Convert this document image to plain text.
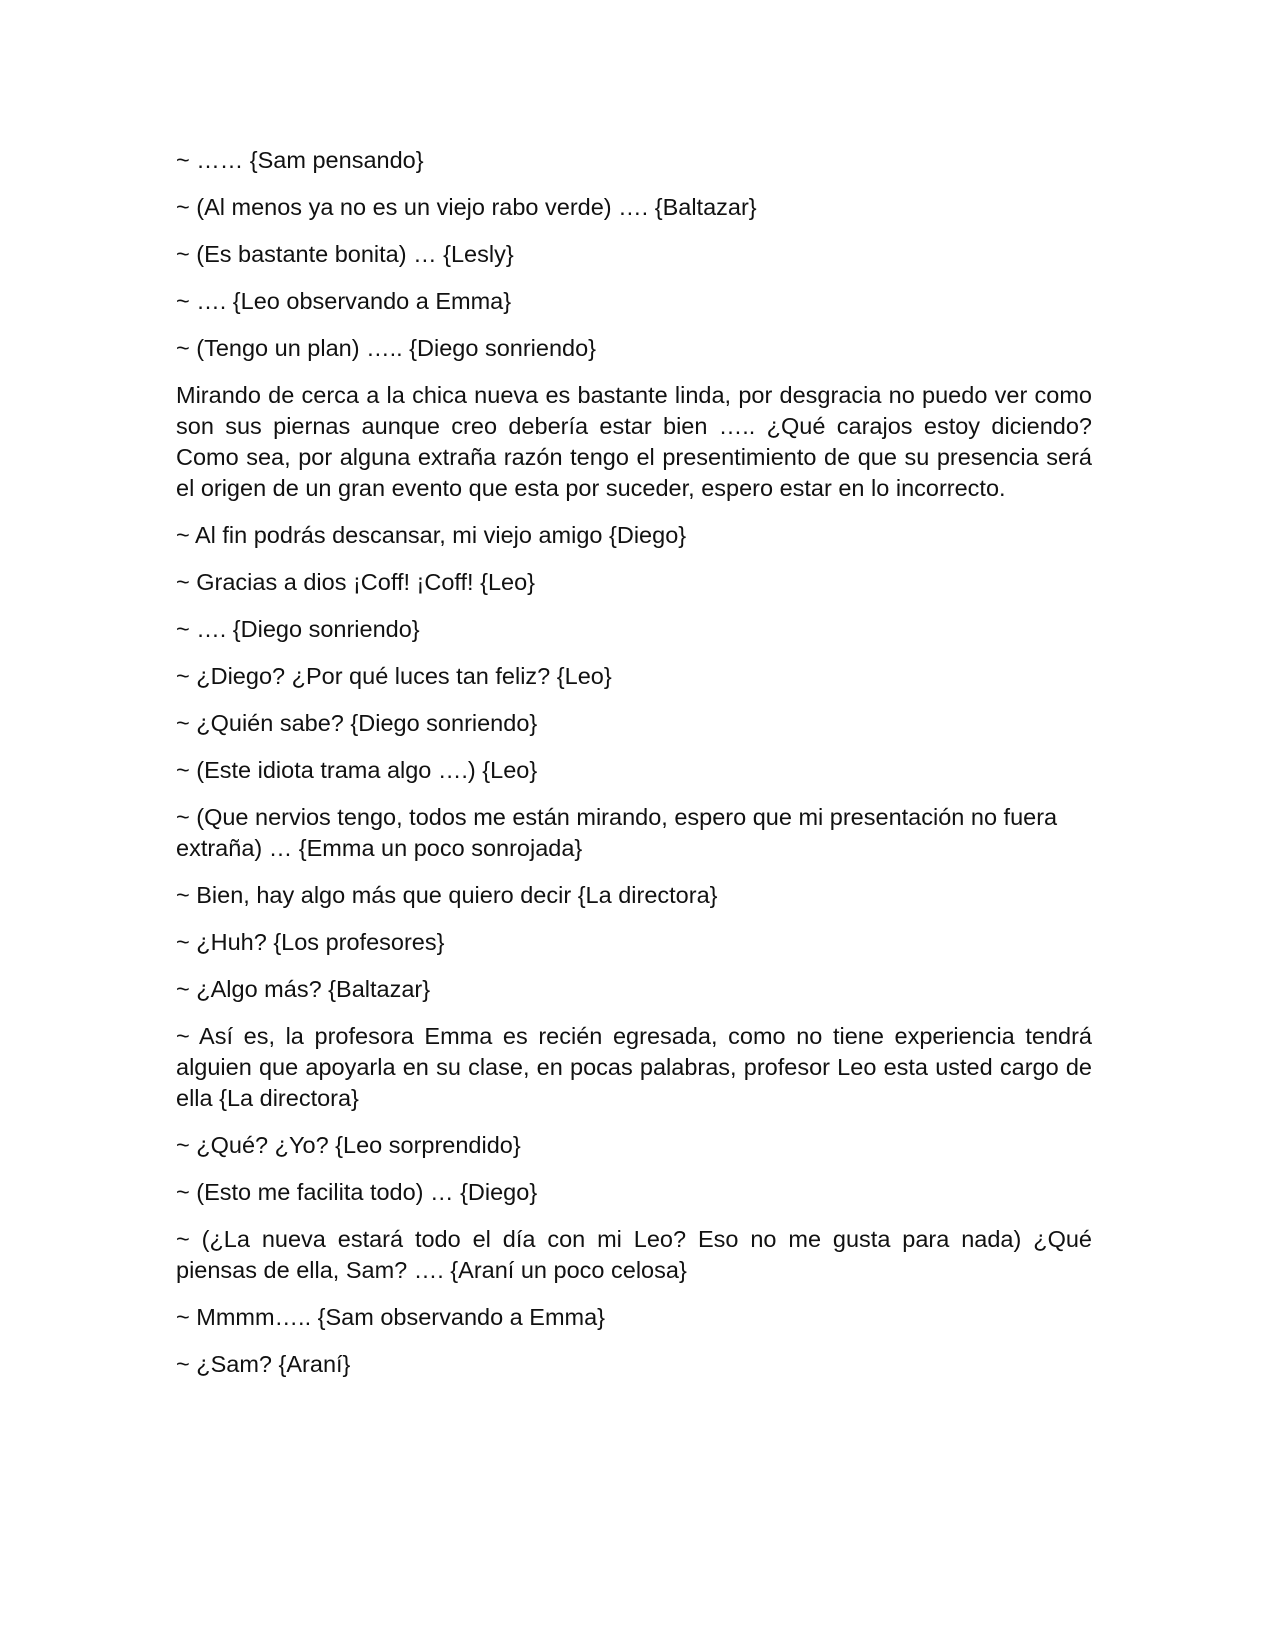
~ …… {Sam pensando}
~ (Al menos ya no es un viejo rabo verde) …. {Baltazar}
~ (Es bastante bonita) … {Lesly}
~ …. {Leo observando a Emma}
~ (Tengo un plan) ….. {Diego sonriendo}
Mirando de cerca a la chica nueva es bastante linda, por desgracia no puedo ver como son sus piernas aunque creo debería estar bien ….. ¿Qué carajos estoy diciendo? Como sea, por alguna extraña razón tengo el presentimiento de que su presencia será el origen de un gran evento que esta por suceder, espero estar en lo incorrecto.
~ Al fin podrás descansar, mi viejo amigo {Diego}
~ Gracias a dios ¡Coff! ¡Coff! {Leo}
~ …. {Diego sonriendo}
~ ¿Diego? ¿Por qué luces tan feliz? {Leo}
~ ¿Quién sabe? {Diego sonriendo}
~ (Este idiota trama algo ….) {Leo}
~ (Que nervios tengo, todos me están mirando, espero que mi presentación no fuera extraña) … {Emma un poco sonrojada}
~ Bien, hay algo más que quiero decir {La directora}
~ ¿Huh? {Los profesores}
~ ¿Algo más? {Baltazar}
~ Así es, la profesora Emma es recién egresada, como no tiene experiencia tendrá alguien que apoyarla en su clase, en pocas palabras, profesor Leo esta usted cargo de ella {La directora}
~ ¿Qué? ¿Yo? {Leo sorprendido}
~ (Esto me facilita todo) … {Diego}
~ (¿La nueva estará todo el día con mi Leo? Eso no me gusta para nada) ¿Qué piensas de ella, Sam? …. {Araní un poco celosa}
~ Mmmm….. {Sam observando a Emma}
~ ¿Sam? {Araní}
